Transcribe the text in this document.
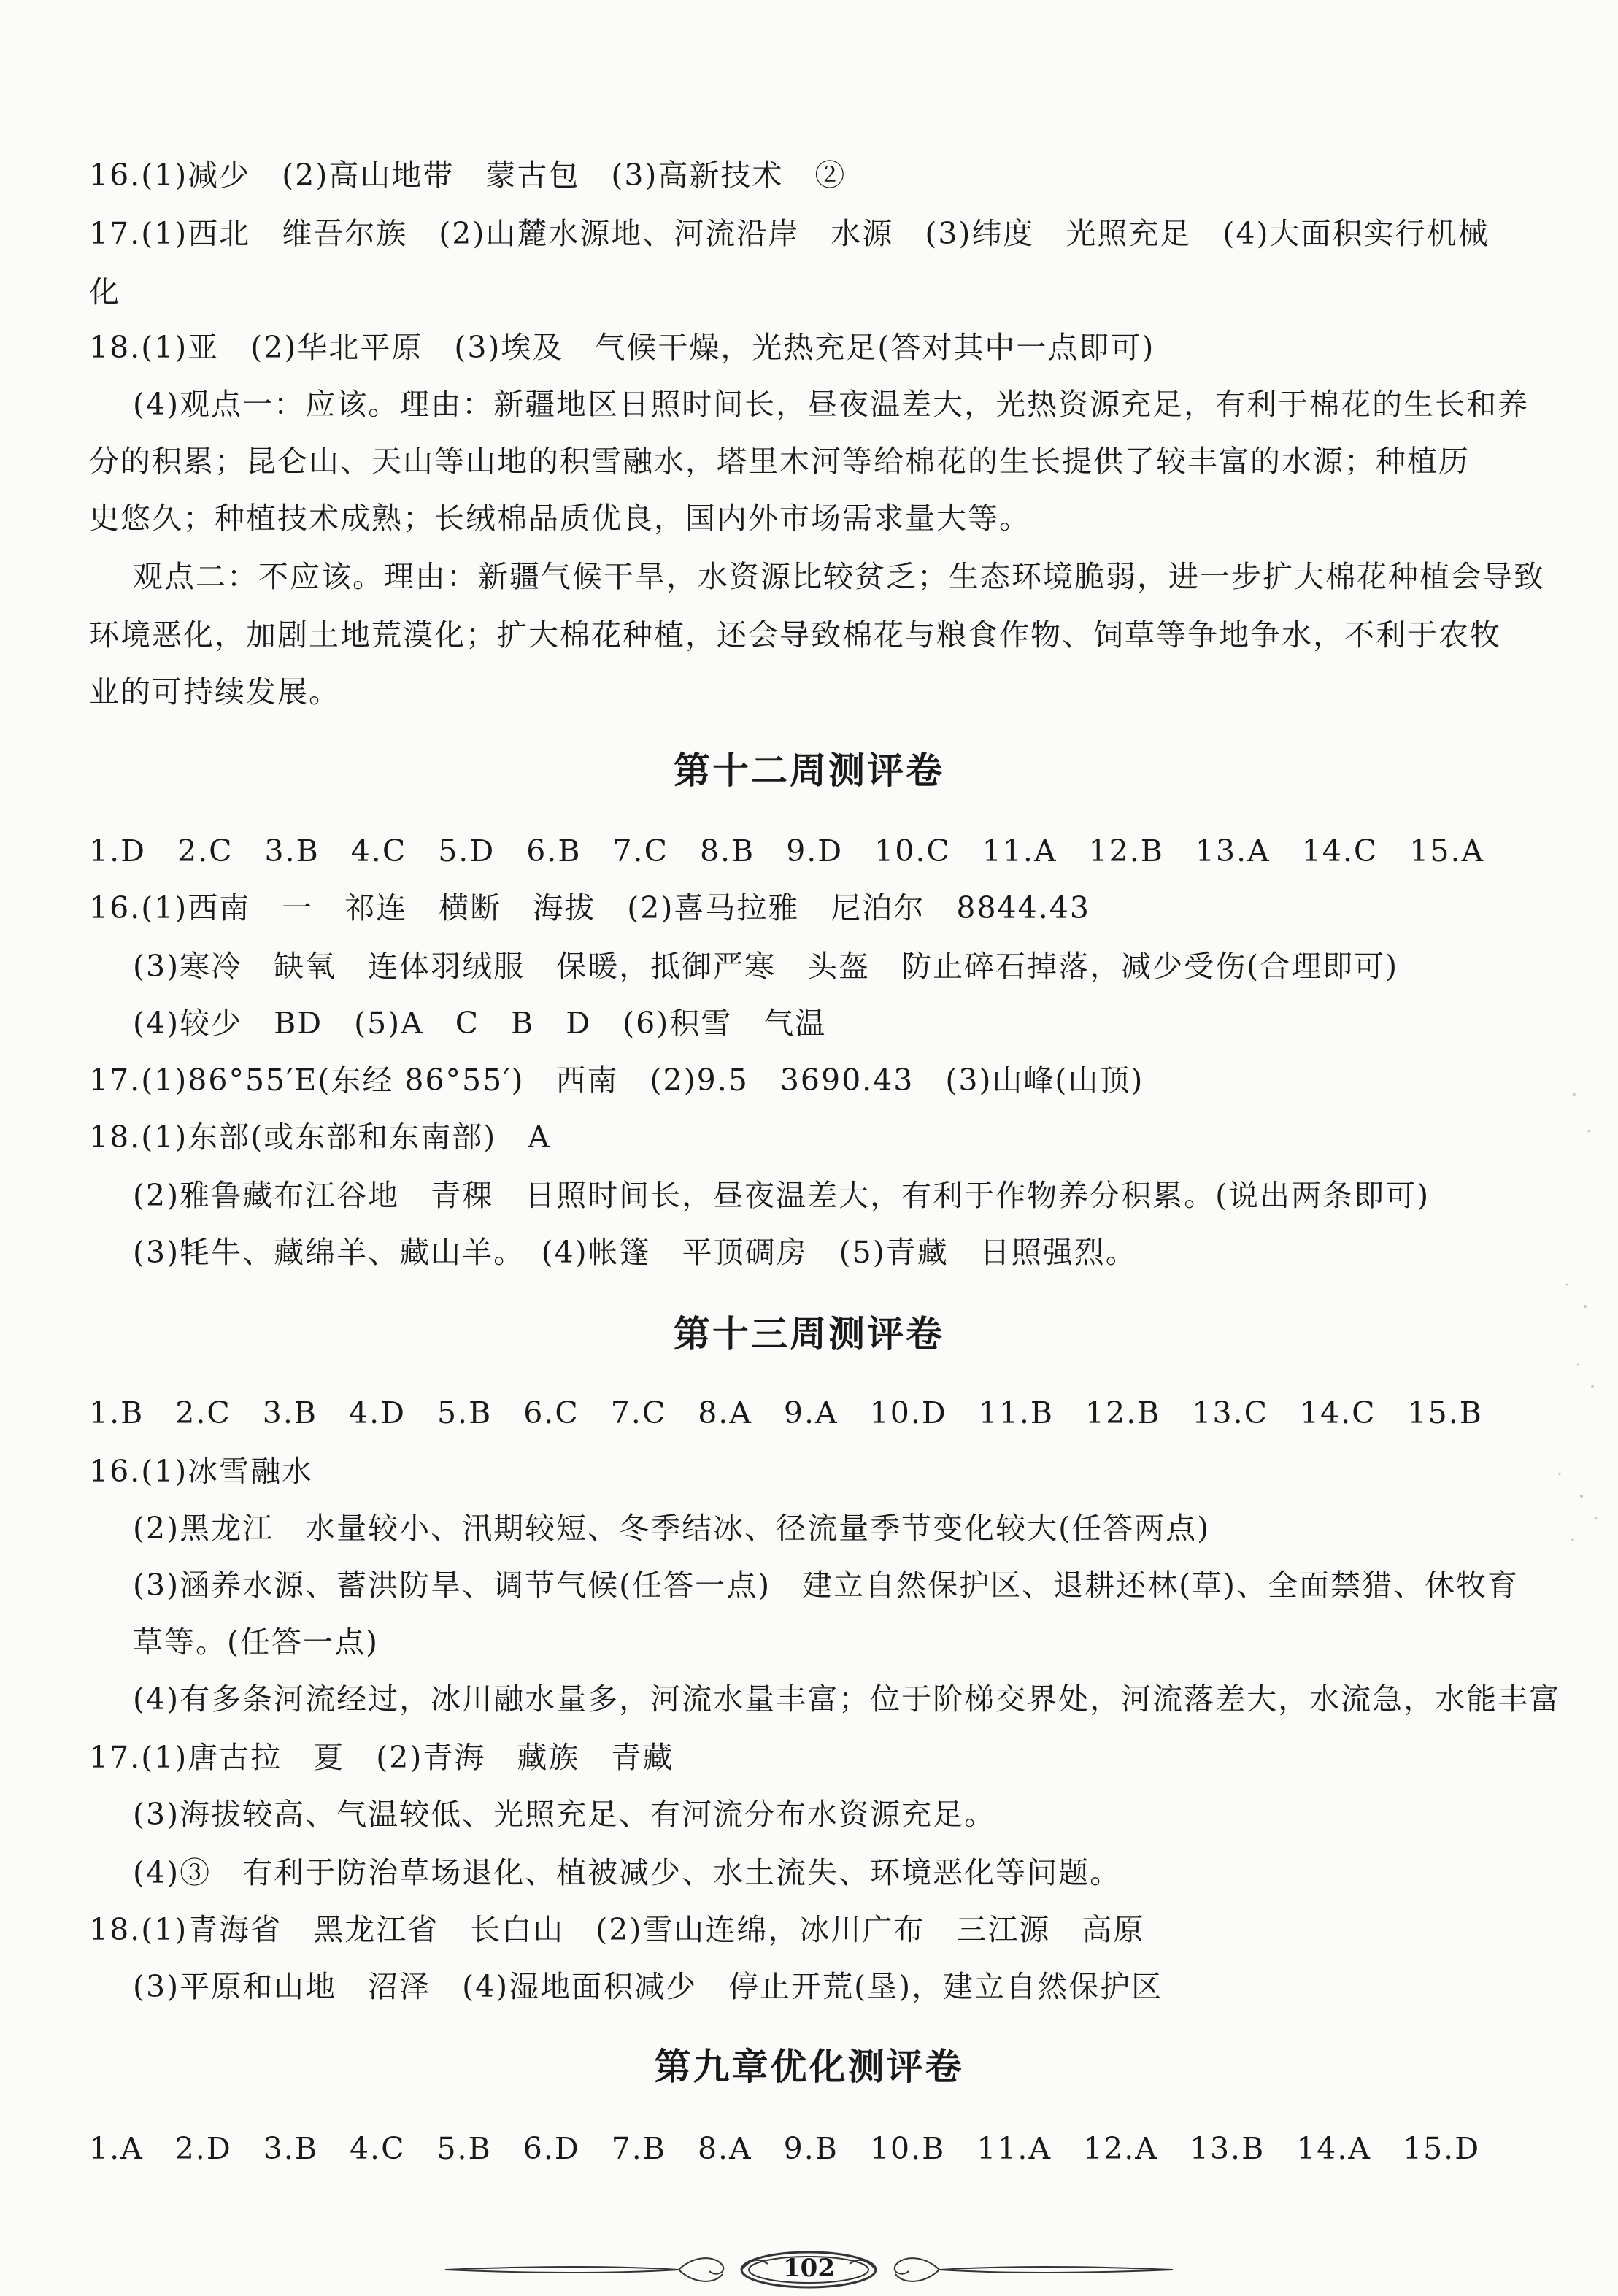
16.(1)减少　(2)高山地带　蒙古包　(3)高新技术　②
17.(1)西北　维吾尔族　(2)山麓水源地、河流沿岸　水源　(3)纬度　光照充足　(4)大面积实行机械
化
18.(1)亚　(2)华北平原　(3)埃及　气候干燥，光热充足(答对其中一点即可)
(4)观点一：应该。理由：新疆地区日照时间长，昼夜温差大，光热资源充足，有利于棉花的生长和养
分的积累；昆仑山、天山等山地的积雪融水，塔里木河等给棉花的生长提供了较丰富的水源；种植历
史悠久；种植技术成熟；长绒棉品质优良，国内外市场需求量大等。
观点二：不应该。理由：新疆气候干旱，水资源比较贫乏；生态环境脆弱，进一步扩大棉花种植会导致
环境恶化，加剧土地荒漠化；扩大棉花种植，还会导致棉花与粮食作物、饲草等争地争水，不利于农牧
业的可持续发展。
第十二周测评卷
1.D　2.C　3.B　4.C　5.D　6.B　7.C　8.B　9.D　10.C　11.A　12.B　13.A　14.C　15.A
16.(1)西南　一　祁连　横断　海拔　(2)喜马拉雅　尼泊尔　8844.43
(3)寒冷　缺氧　连体羽绒服　保暖，抵御严寒　头盔　防止碎石掉落，减少受伤(合理即可)
(4)较少　BD　(5)A　C　B　D　(6)积雪　气温
17.(1)86°55′E(东经 86°55′)　西南　(2)9.5　3690.43　(3)山峰(山顶)
18.(1)东部(或东部和东南部)　A
(2)雅鲁藏布江谷地　青稞　日照时间长，昼夜温差大，有利于作物养分积累。(说出两条即可)
(3)牦牛、藏绵羊、藏山羊。　(4)帐篷　平顶碉房　(5)青藏　日照强烈。
第十三周测评卷
1.B　2.C　3.B　4.D　5.B　6.C　7.C　8.A　9.A　10.D　11.B　12.B　13.C　14.C　15.B
16.(1)冰雪融水
(2)黑龙江　水量较小、汛期较短、冬季结冰、径流量季节变化较大(任答两点)
(3)涵养水源、蓄洪防旱、调节气候(任答一点)　建立自然保护区、退耕还林(草)、全面禁猎、休牧育
草等。(任答一点)
(4)有多条河流经过，冰川融水量多，河流水量丰富；位于阶梯交界处，河流落差大，水流急，水能丰富
17.(1)唐古拉　夏　(2)青海　藏族　青藏
(3)海拔较高、气温较低、光照充足、有河流分布水资源充足。
(4)③　有利于防治草场退化、植被减少、水土流失、环境恶化等问题。
18.(1)青海省　黑龙江省　长白山　(2)雪山连绵，冰川广布　三江源　高原
(3)平原和山地　沼泽　(4)湿地面积减少　停止开荒(垦)，建立自然保护区
第九章优化测评卷
1.A　2.D　3.B　4.C　5.B　6.D　7.B　8.A　9.B　10.B　11.A　12.A　13.B　14.A　15.D
102
